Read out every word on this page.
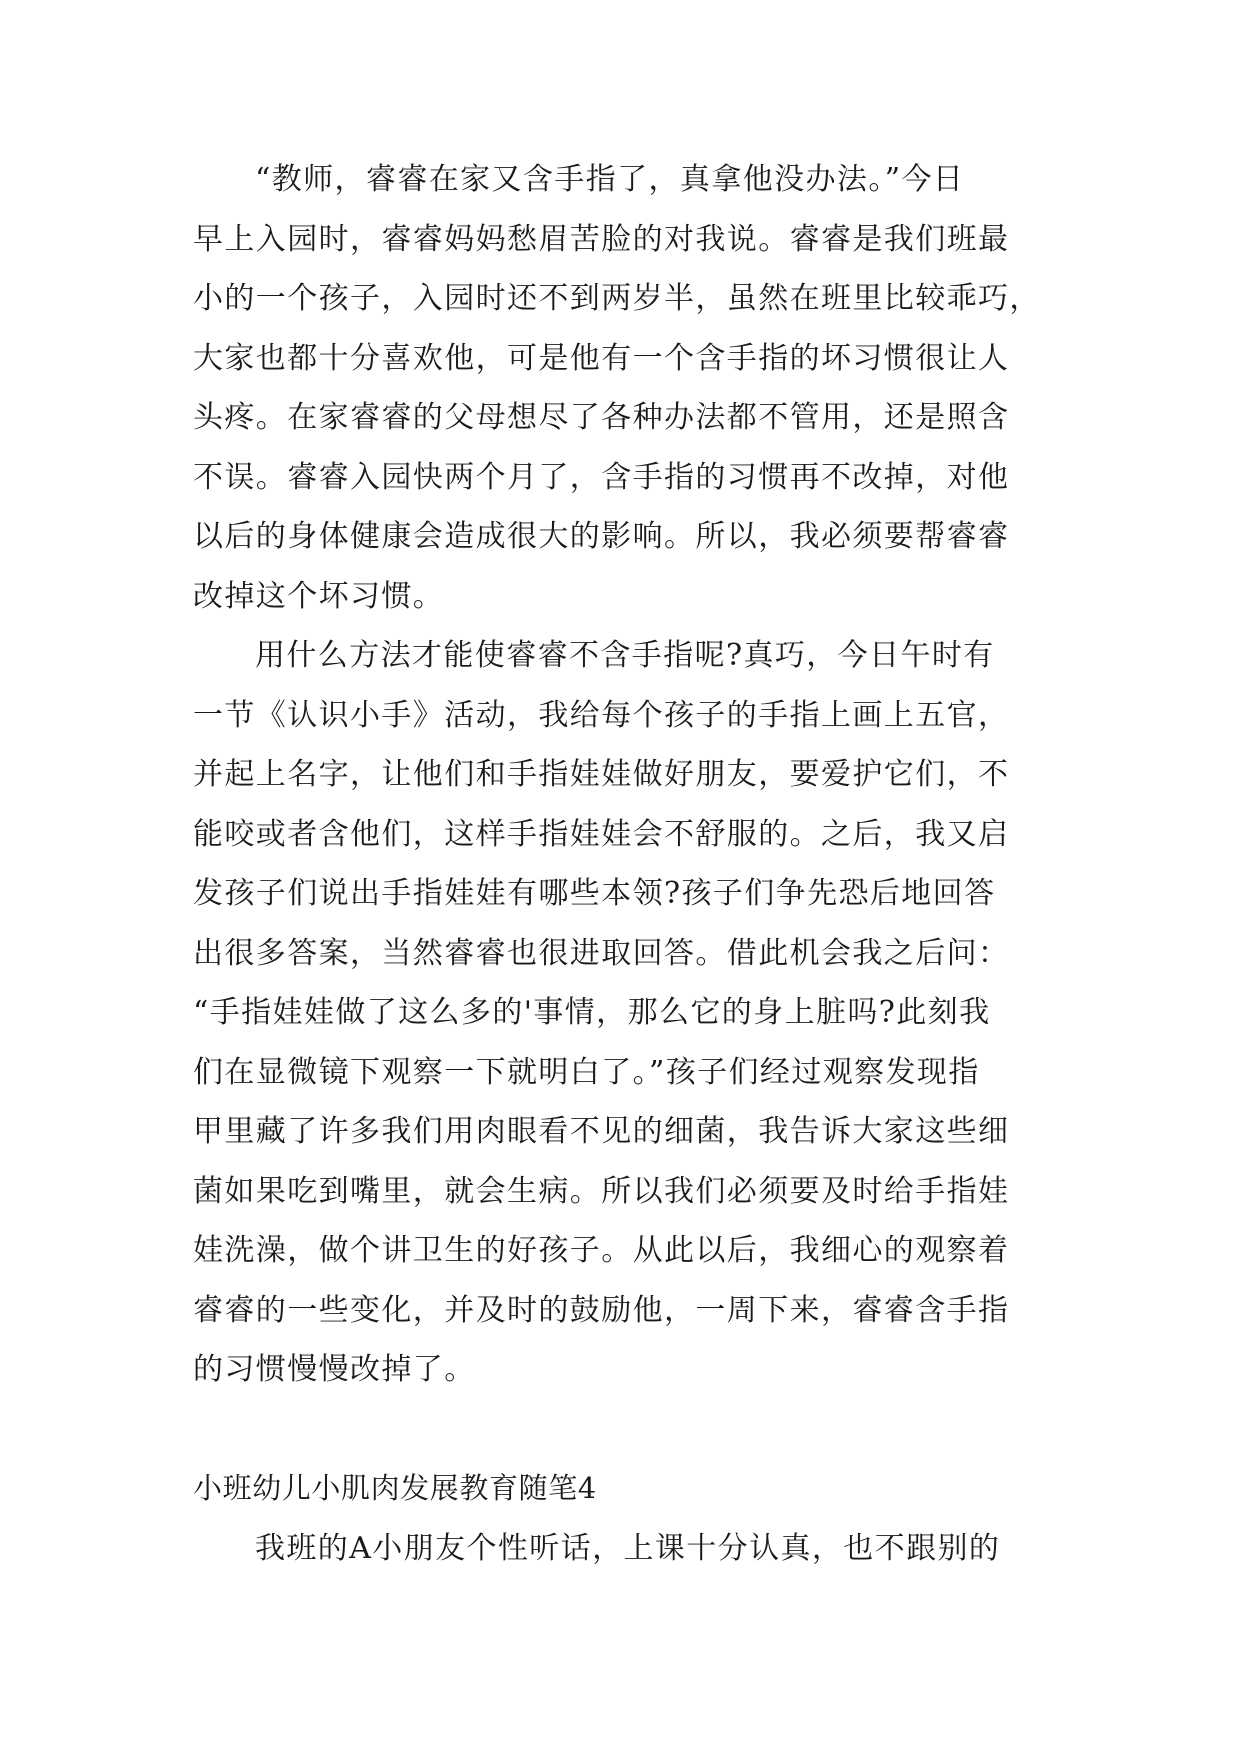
“教师，睿睿在家又含手指了，真拿他没办法。”今日
早上入园时，睿睿妈妈愁眉苦脸的对我说。睿睿是我们班最
小的一个孩子，入园时还不到两岁半，虽然在班里比较乖巧，
大家也都十分喜欢他，可是他有一个含手指的坏习惯很让人
头疼。在家睿睿的父母想尽了各种办法都不管用，还是照含
不误。睿睿入园快两个月了，含手指的习惯再不改掉，对他
以后的身体健康会造成很大的影响。所以，我必须要帮睿睿
改掉这个坏习惯。
用什么方法才能使睿睿不含手指呢?真巧，今日午时有
一节《认识小手》活动，我给每个孩子的手指上画上五官，
并起上名字，让他们和手指娃娃做好朋友，要爱护它们，不
能咬或者含他们，这样手指娃娃会不舒服的。之后，我又启
发孩子们说出手指娃娃有哪些本领?孩子们争先恐后地回答
出很多答案，当然睿睿也很进取回答。借此机会我之后问：
“手指娃娃做了这么多的'事情，那么它的身上脏吗?此刻我
们在显微镜下观察一下就明白了。”孩子们经过观察发现指
甲里藏了许多我们用肉眼看不见的细菌，我告诉大家这些细
菌如果吃到嘴里，就会生病。所以我们必须要及时给手指娃
娃洗澡，做个讲卫生的好孩子。从此以后，我细心的观察着
睿睿的一些变化，并及时的鼓励他，一周下来，睿睿含手指
的习惯慢慢改掉了。
小班幼儿小肌肉发展教育随笔4
我班的A小朋友个性听话，上课十分认真，也不跟别的
